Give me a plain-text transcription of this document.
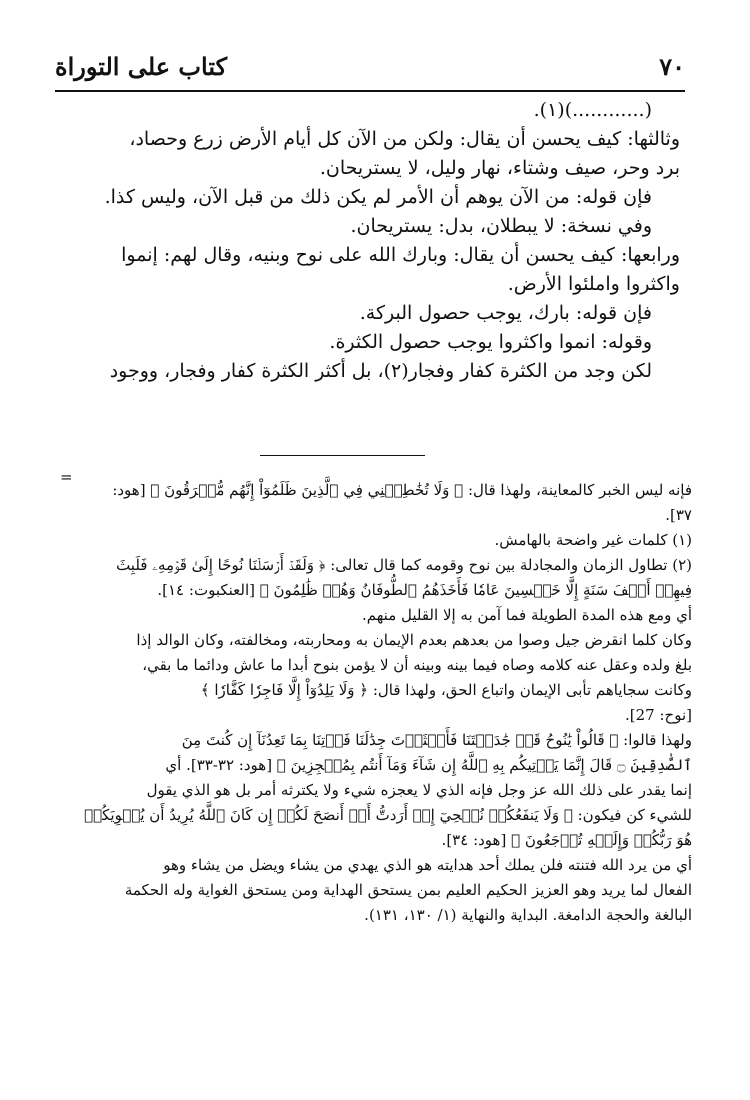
٧٠
كتاب على التوراة

(............)(١).

وثالثها: كيف يحسن أن يقال: ولكن من الآن كل أيام الأرض زرع وحصاد،

برد وحر، صيف وشتاء، نهار وليل، لا يستريحان.

فإن قوله: من الآن يوهم أن الأمر لم يكن ذلك من قبل الآن، وليس كذا.

وفي نسخة: لا يبطلان، بدل: يستريحان.

ورابعها: كيف يحسن أن يقال: وبارك الله على نوح وبنيه، وقال لهم: إنموا

واكثروا واملئوا الأرض.

فإن قوله: بارك، يوجب حصول البركة.

وقوله: انموا واكثروا يوجب حصول الكثرة.

لكن وجد من الكثرة كفار وفجار(٢)، بل أكثر الكثرة كفار وفجار، ووجود

=

فإنه ليس الخبر كالمعاينة، ولهذا قال: ﴿ وَلَا تُخَٰطِبۡنِي فِي ٱلَّذِينَ ظَلَمُوٓاْ إِنَّهُم مُّغۡرَقُونَ ﴾ [هود:

٣٧].

(١) كلمات غير واضحة بالهامش.

(٢) تطاول الزمان والمجادلة بين نوح وقومه كما قال تعالى: ﴿ وَلَقَدۡ أَرۡسَلۡنَا نُوحًا إِلَىٰ قَوۡمِهِۦ فَلَبِثَ

فِيهِمۡ أَلۡفَ سَنَةٍ إِلَّا خَمۡسِينَ عَامٗا فَأَخَذَهُمُ ٱلطُّوفَانُ وَهُمۡ ظَٰلِمُونَ ﴾ [العنكبوت: ١٤].

أي ومع هذه المدة الطويلة فما آمن به إلا القليل منهم.

وكان كلما انقرض جيل وصوا من بعدهم بعدم الإيمان به ومحاربته، ومخالفته، وكان الوالد إذا

بلغ ولده وعقل عنه كلامه وصاه فيما بينه وبينه أن لا يؤمن بنوح أبدا ما عاش ودائما ما بقي،

وكانت سجاياهم تأبى الإيمان واتباع الحق، ولهذا قال: ﴿ وَلَا يَلِدُوٓاْ إِلَّا فَاجِرٗا كَفَّارٗا ﴾

[نوح: 27].

ولهذا قالوا: ﴿ قَالُواْ يَٰنُوحُ قَدۡ جَٰدَلۡتَنَا فَأَكۡثَرۡتَ جِدَٰلَنَا فَأۡتِنَا بِمَا تَعِدُنَآ إِن كُنتَ مِنَ

ٱلصَّٰدِقِينَ ۝ قَالَ إِنَّمَا يَأۡتِيكُم بِهِ ٱللَّهُ إِن شَآءَ وَمَآ أَنتُم بِمُعۡجِزِينَ ﴾ [هود: ٣٢-٣٣]. أي

إنما يقدر على ذلك الله عز وجل فإنه الذي لا يعجزه شيء ولا يكترثه أمر بل هو الذي يقول

للشيء كن فيكون: ﴿ وَلَا يَنفَعُكُمۡ نُصۡحِيٓ إِنۡ أَرَدتُّ أَنۡ أَنصَحَ لَكُمۡ إِن كَانَ ٱللَّهُ يُرِيدُ أَن يُغۡوِيَكُمۡ

هُوَ رَبُّكُمۡ وَإِلَيۡهِ تُرۡجَعُونَ ﴾ [هود: ٣٤].

أي من يرد الله فتنته فلن يملك أحد هدايته هو الذي يهدي من يشاء ويضل من يشاء وهو

الفعال لما يريد وهو العزيز الحكيم العليم بمن يستحق الهداية ومن يستحق الغواية وله الحكمة

البالغة والحجة الدامغة. البداية والنهاية (١/ ١٣٠، ١٣١).
